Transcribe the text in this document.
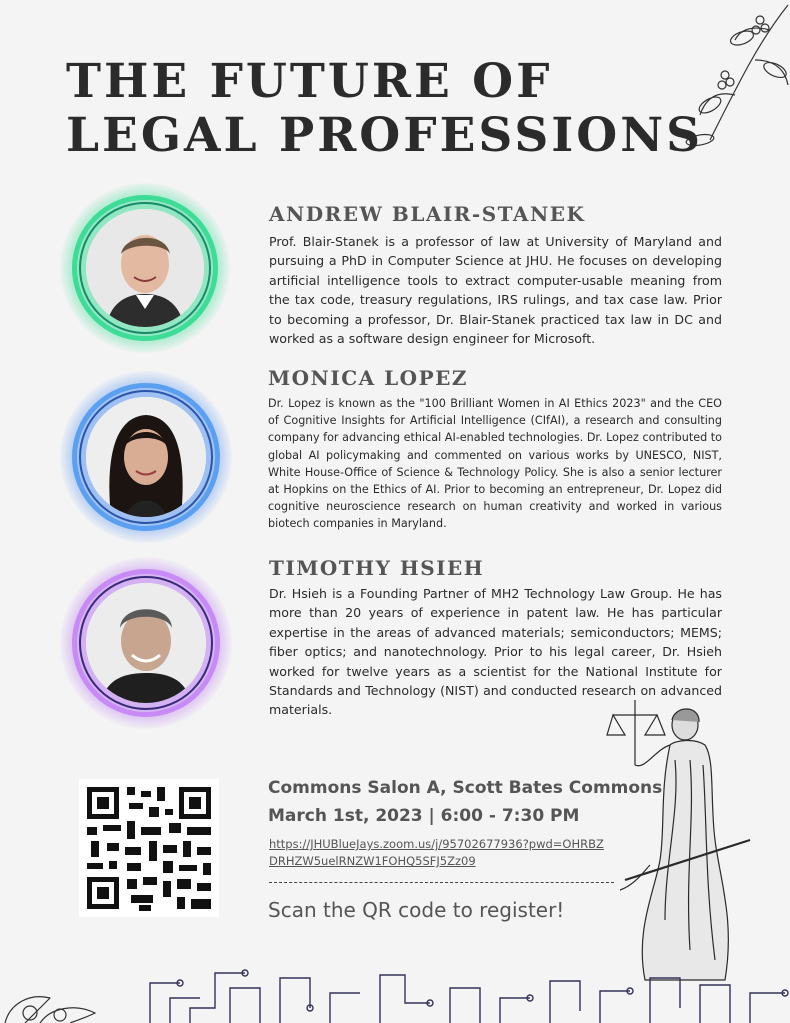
THE FUTURE OF
LEGAL PROFESSIONS
ANDREW BLAIR-STANEK

Prof. Blair-Stanek is a professor of law at University of Maryland and pursuing a PhD in Computer Science at JHU. He focuses on developing artificial intelligence tools to extract computer-usable meaning from the tax code, treasury regulations, IRS rulings, and tax case law. Prior to becoming a professor, Dr. Blair-Stanek practiced tax law in DC and worked as a software design engineer for Microsoft.

MONICA LOPEZ

Dr. Lopez is known as the "100 Brilliant Women in AI Ethics 2023" and the CEO of Cognitive Insights for Artificial Intelligence (CIfAI), a research and consulting company for advancing ethical AI-enabled technologies. Dr. Lopez contributed to global AI policymaking and commented on various works by UNESCO, NIST, White House-Office of Science & Technology Policy. She is also a senior lecturer at Hopkins on the Ethics of AI. Prior to becoming an entrepreneur, Dr. Lopez did cognitive neuroscience research on human creativity and worked in various biotech companies in Maryland.

TIMOTHY HSIEH

Dr. Hsieh is a Founding Partner of MH2 Technology Law Group. He has more than 20 years of experience in patent law. He has particular expertise in the areas of advanced materials; semiconductors; MEMS; fiber optics; and nanotechnology. Prior to his legal career, Dr. Hsieh worked for twelve years as a scientist for the National Institute for Standards and Technology (NIST) and conducted research on advanced materials.

Commons Salon A, Scott Bates Commons

March 1st, 2023 | 6:00 - 7:30 PM

https://JHUBlueJays.zoom.us/j/95702677936?pwd=OHRBZDRHZW5uelRNZW1FOHQ5SFJ5Zz09

Scan the QR code to register!
